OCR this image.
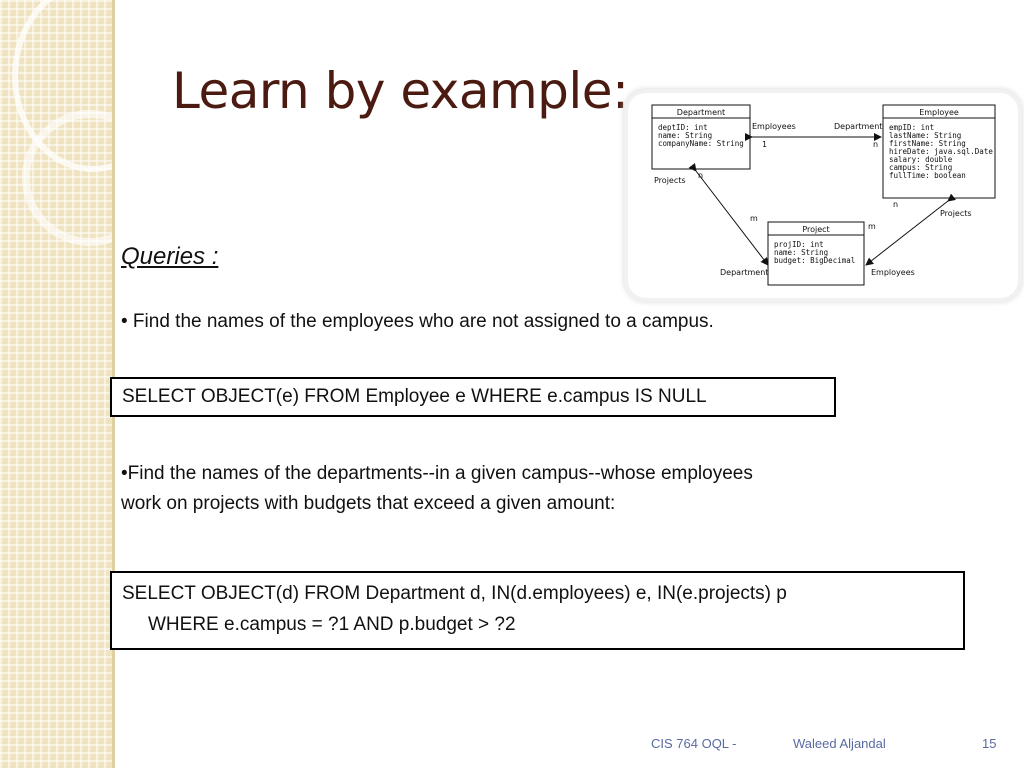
Learn by example:	Department
deptID: int
name: String
companyName: String
Employee
empID: int
lastName: String
firstName: String
hireDate: java.sql.Date
salary: double
campus: String
fullTime: boolean
Project
projID: int
name: String
budget: BigDecimal
Employees	Department
1	n
Projects
n
m
m
n
Projects
Department	Employees
Queries :
• Find the names of the employees who are not assigned to a campus.
SELECT OBJECT(e) FROM Employee e WHERE e.campus IS NULL
•Find the names of the departments--in a given campus--whose employees
work on projects with budgets that exceed a given amount:
SELECT OBJECT(d) FROM Department d, IN(d.employees) e, IN(e.projects) p
WHERE e.campus = ?1 AND p.budget > ?2
CIS 764 OQL -	Waleed Aljandal	15
